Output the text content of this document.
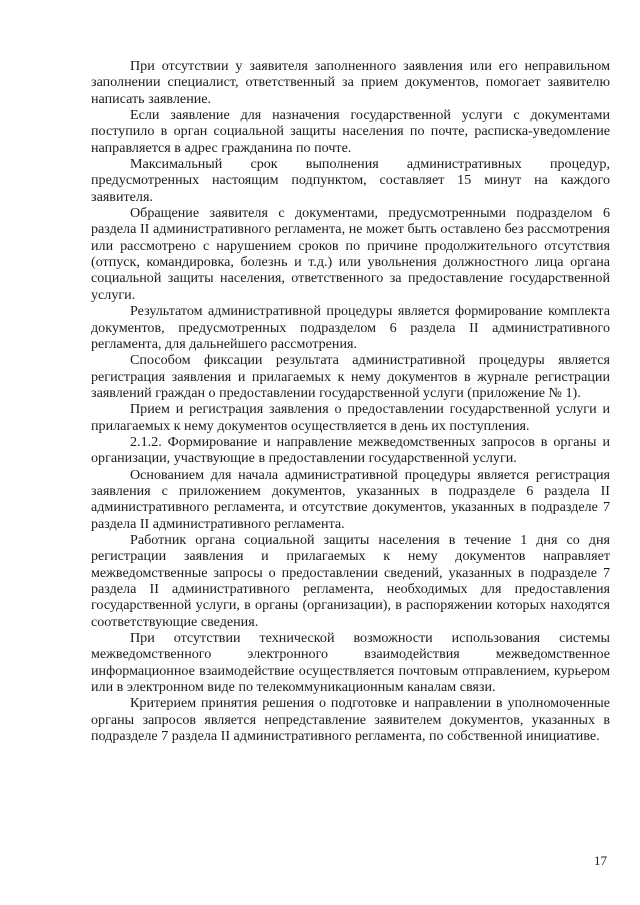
При отсутствии у заявителя заполненного заявления или его неправильном заполнении специалист, ответственный за прием документов, помогает заявителю написать заявление.

Если заявление для назначения государственной услуги с документами поступило в орган социальной защиты населения по почте, расписка-уведомление направляется в адрес гражданина по почте.

Максимальный срок выполнения административных процедур, предусмотренных настоящим подпунктом, составляет 15 минут на каждого заявителя.

Обращение заявителя с документами, предусмотренными подразделом 6 раздела II административного регламента, не может быть оставлено без рассмотрения или рассмотрено с нарушением сроков по причине продолжительного отсутствия (отпуск, командировка, болезнь и т.д.) или увольнения должностного лица органа социальной защиты населения, ответственного за предоставление государственной услуги.

Результатом административной процедуры является формирование комплекта документов, предусмотренных подразделом 6 раздела II административного регламента, для дальнейшего рассмотрения.

Способом фиксации результата административной процедуры является регистрация заявления и прилагаемых к нему документов в журнале регистрации заявлений граждан о предоставлении государственной услуги (приложение № 1).

Прием и регистрация заявления о предоставлении государственной услуги и прилагаемых к нему документов осуществляется в день их поступления.

2.1.2. Формирование и направление межведомственных запросов в органы и организации, участвующие в предоставлении государственной услуги.

Основанием для начала административной процедуры является регистрация заявления с приложением документов, указанных в подразделе 6 раздела II административного регламента, и отсутствие документов, указанных в подразделе 7 раздела II административного регламента.

Работник органа социальной защиты населения в течение 1 дня со дня регистрации заявления и прилагаемых к нему документов направляет межведомственные запросы о предоставлении сведений, указанных в подразделе 7 раздела II административного регламента, необходимых для предоставления государственной услуги, в органы (организации), в распоряжении которых находятся соответствующие сведения.

При отсутствии технической возможности использования системы межведомственного электронного взаимодействия межведомственное информационное взаимодействие осуществляется почтовым отправлением, курьером или в электронном виде по телекоммуникационным каналам связи.

Критерием принятия решения о подготовке и направлении в уполномоченные органы запросов является непредставление заявителем документов, указанных в подразделе 7 раздела II административного регламента, по собственной инициативе.

17
